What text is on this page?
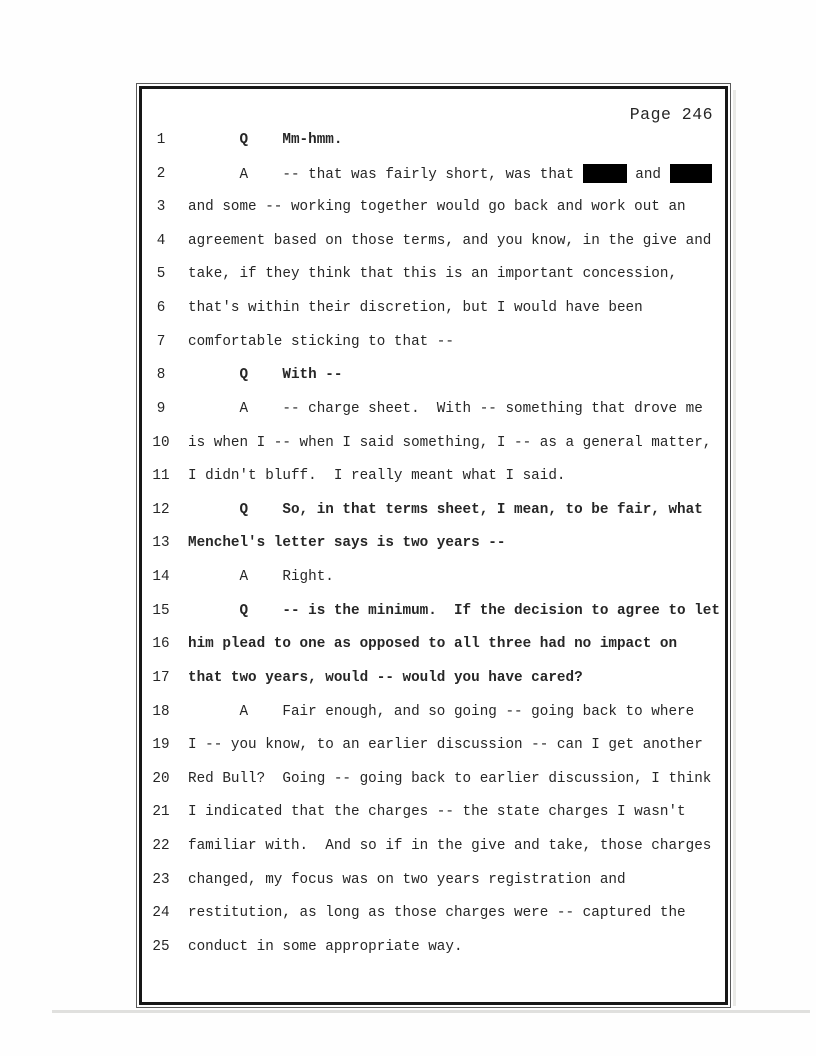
Page 246
1	Q    Mm-hmm.
2	A    -- that was fairly short, was that	and
3	and some -- working together would go back and work out an
4	agreement based on those terms, and you know, in the give and
5	take, if they think that this is an important concession,
6	that's within their discretion, but I would have been
7	comfortable sticking to that --
8	Q    With --
9	A    -- charge sheet.  With -- something that drove me
10	is when I -- when I said something, I -- as a general matter,
11	I didn't bluff.  I really meant what I said.
12	Q    So, in that terms sheet, I mean, to be fair, what
13	Menchel's letter says is two years --
14	A    Right.
15	Q    -- is the minimum.  If the decision to agree to let
16	him plead to one as opposed to all three had no impact on
17	that two years, would -- would you have cared?
18	A    Fair enough, and so going -- going back to where
19	I -- you know, to an earlier discussion -- can I get another
20	Red Bull?  Going -- going back to earlier discussion, I think
21	I indicated that the charges -- the state charges I wasn't
22	familiar with.  And so if in the give and take, those charges
23	changed, my focus was on two years registration and
24	restitution, as long as those charges were -- captured the
25	conduct in some appropriate way.
